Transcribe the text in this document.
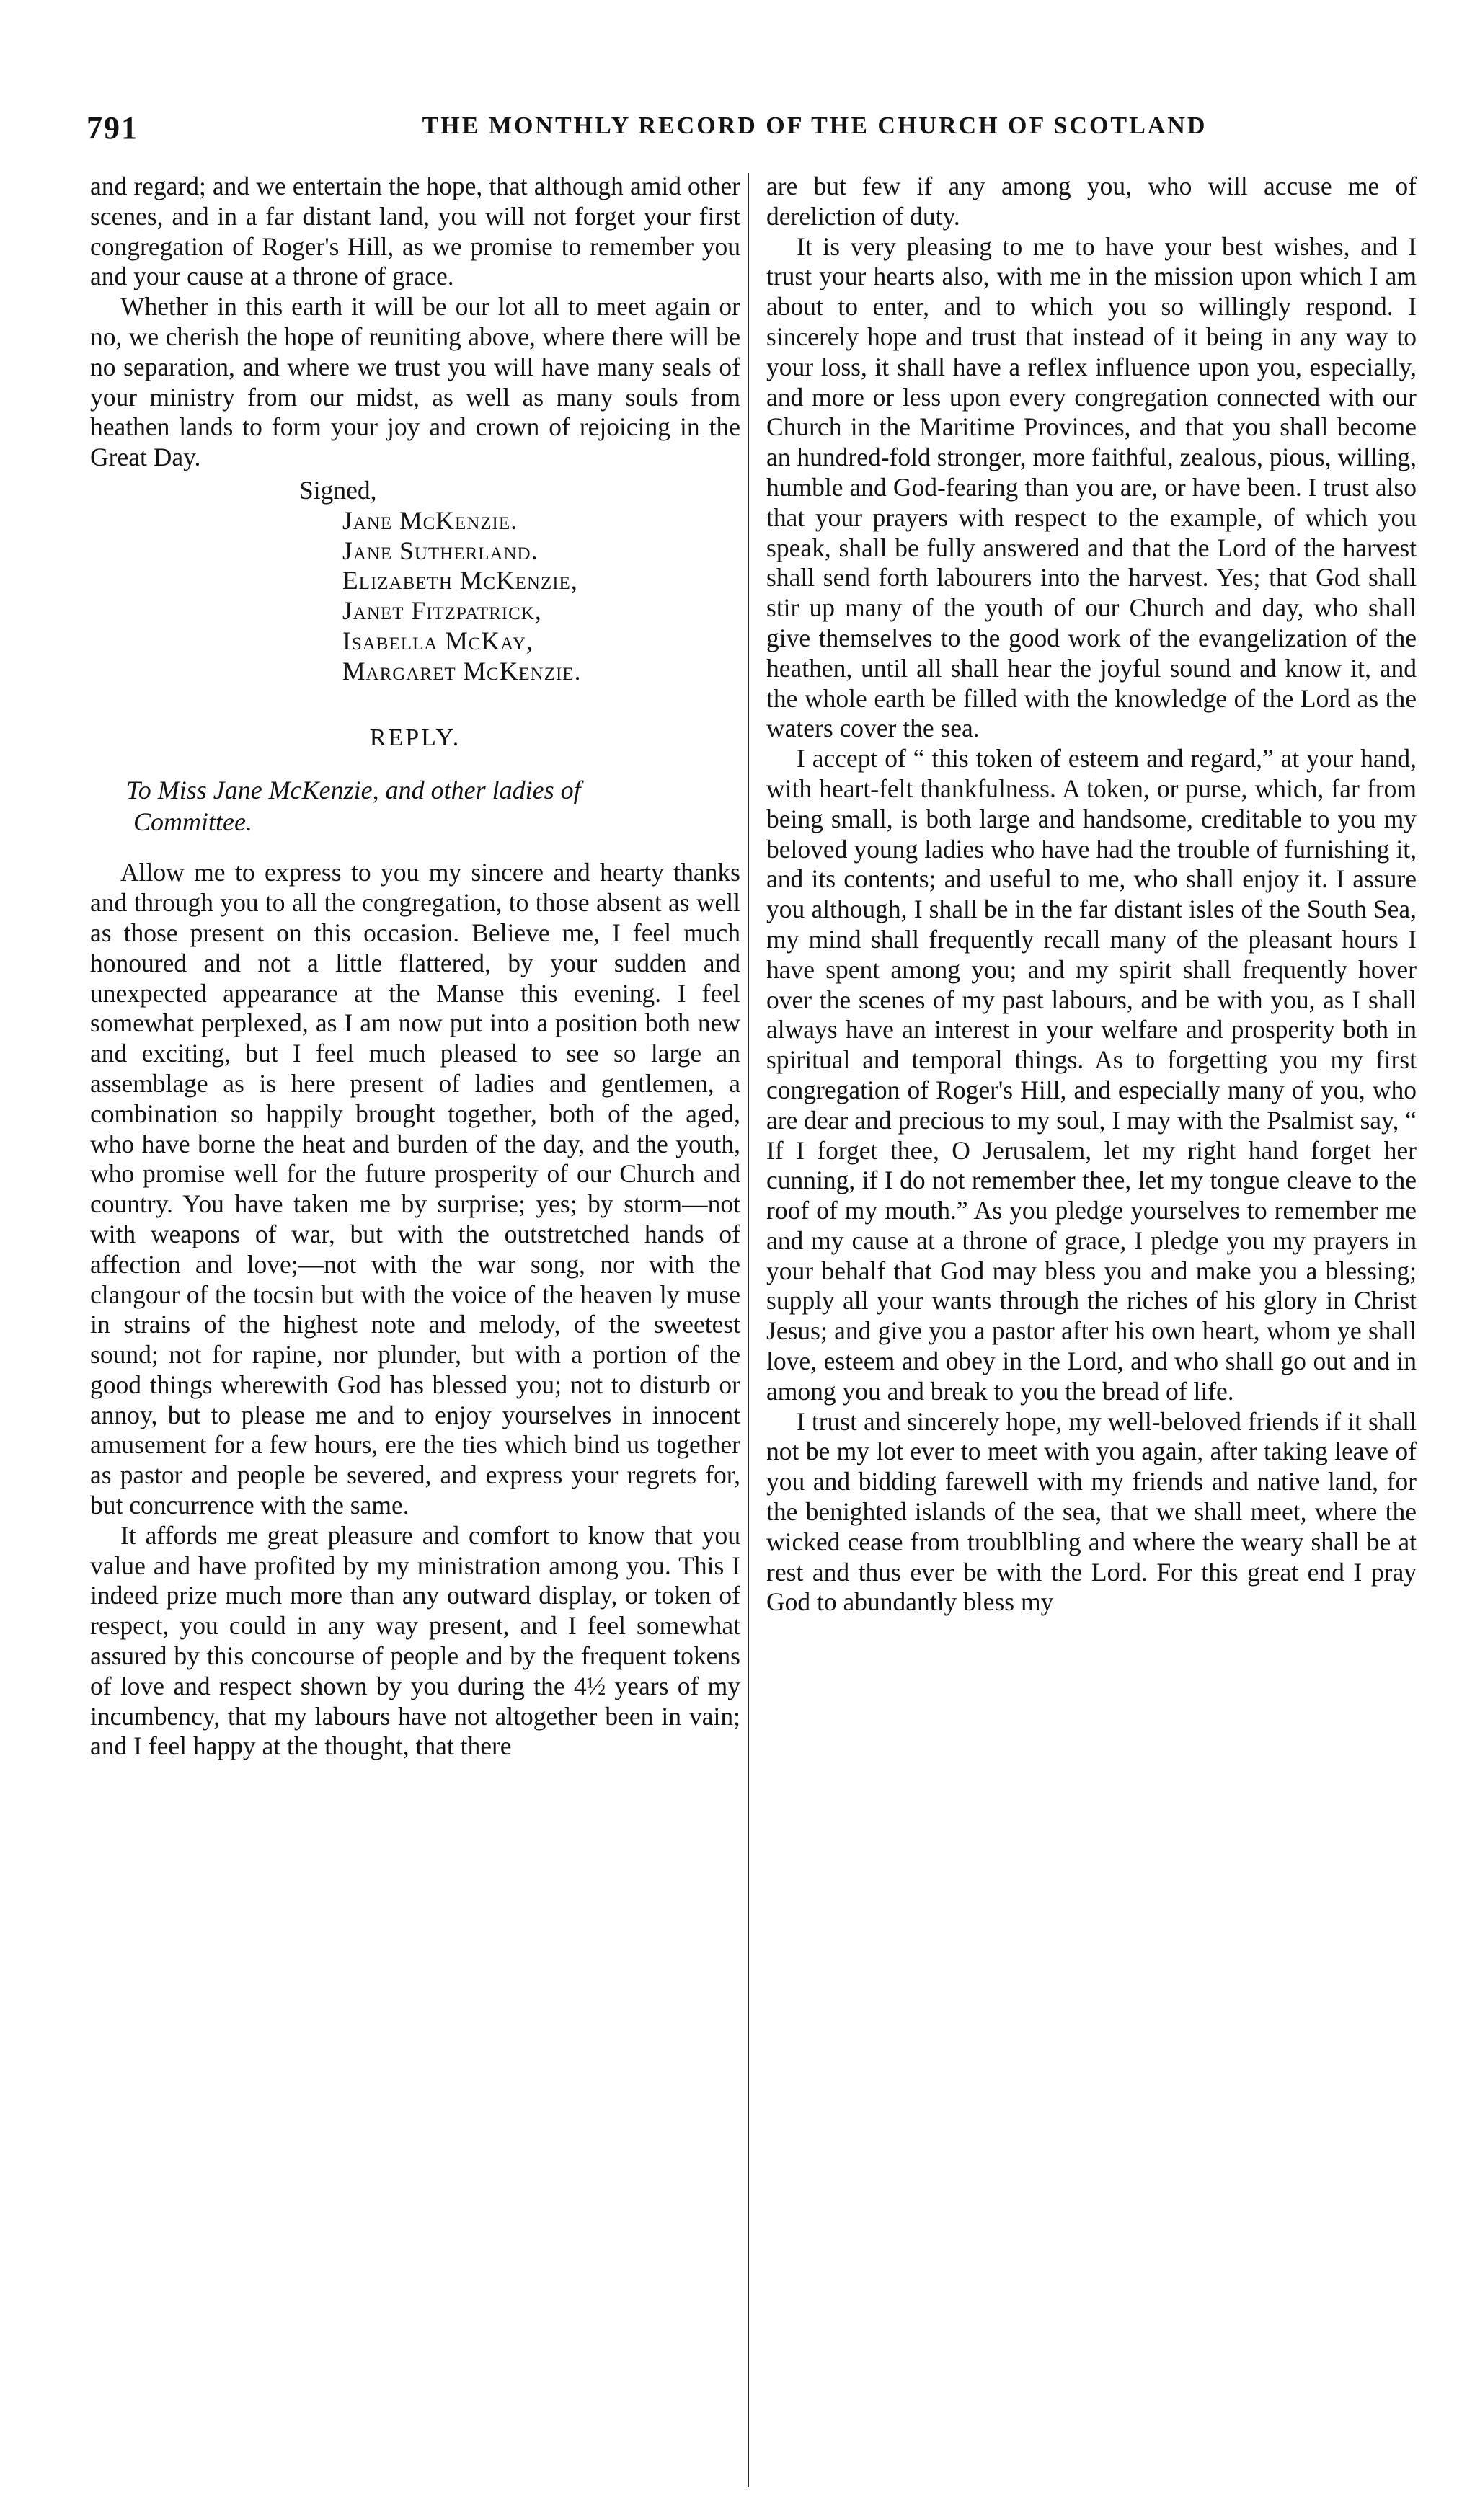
791	THE MONTHLY RECORD OF THE CHURCH OF SCOTLAND

and regard; and we entertain the hope, that although amid other scenes, and in a far distant land, you will not forget your first congregation of Roger's Hill, as we promise to remember you and your cause at a throne of grace.

Whether in this earth it will be our lot all to meet again or no, we cherish the hope of reuniting above, where there will be no separation, and where we trust you will have many seals of your ministry from our midst, as well as many souls from heathen lands to form your joy and crown of rejoicing in the Great Day.

Signed,
Jane McKenzie.
Jane Sutherland.
Elizabeth McKenzie,
Janet Fitzpatrick,
Isabella McKay,
Margaret McKenzie.
REPLY.
To Miss Jane McKenzie, and other ladies of
Committee.

Allow me to express to you my sincere and hearty thanks and through you to all the congregation, to those absent as well as those present on this occasion. Believe me, I feel much honoured and not a little flattered, by your sudden and unexpected appearance at the Manse this evening. I feel somewhat perplexed, as I am now put into a position both new and exciting, but I feel much pleased to see so large an assemblage as is here present of ladies and gentlemen, a combination so happily brought together, both of the aged, who have borne the heat and burden of the day, and the youth, who promise well for the future prosperity of our Church and country. You have taken me by surprise; yes; by storm—not with weapons of war, but with the outstretched hands of affection and love;—not with the war song, nor with the clangour of the tocsin but with the voice of the heaven ly muse in strains of the highest note and melody, of the sweetest sound; not for rapine, nor plunder, but with a portion of the good things wherewith God has blessed you; not to disturb or annoy, but to please me and to enjoy yourselves in innocent amusement for a few hours, ere the ties which bind us together as pastor and people be severed, and express your regrets for, but concurrence with the same.

It affords me great pleasure and comfort to know that you value and have profited by my ministration among you. This I indeed prize much more than any outward display, or token of respect, you could in any way present, and I feel somewhat assured by this concourse of people and by the frequent tokens of love and respect shown by you during the 4½ years of my incumbency, that my labours have not altogether been in vain; and I feel happy at the thought, that there

are but few if any among you, who will accuse me of dereliction of duty.

It is very pleasing to me to have your best wishes, and I trust your hearts also, with me in the mission upon which I am about to enter, and to which you so willingly respond. I sincerely hope and trust that instead of it being in any way to your loss, it shall have a reflex influence upon you, especially, and more or less upon every congregation connected with our Church in the Maritime Provinces, and that you shall become an hundred-fold stronger, more faithful, zealous, pious, willing, humble and God-fearing than you are, or have been. I trust also that your prayers with respect to the example, of which you speak, shall be fully answered and that the Lord of the harvest shall send forth labourers into the harvest. Yes; that God shall stir up many of the youth of our Church and day, who shall give themselves to the good work of the evangelization of the heathen, until all shall hear the joyful sound and know it, and the whole earth be filled with the knowledge of the Lord as the waters cover the sea.

I accept of “ this token of esteem and regard,” at your hand, with heart-felt thankfulness. A token, or purse, which, far from being small, is both large and handsome, creditable to you my beloved young ladies who have had the trouble of furnishing it, and its contents; and useful to me, who shall enjoy it. I assure you although, I shall be in the far distant isles of the South Sea, my mind shall frequently recall many of the pleasant hours I have spent among you; and my spirit shall frequently hover over the scenes of my past labours, and be with you, as I shall always have an interest in your welfare and prosperity both in spiritual and temporal things. As to forgetting you my first congregation of Roger's Hill, and especially many of you, who are dear and precious to my soul, I may with the Psalmist say, “ If I forget thee, O Jerusalem, let my right hand forget her cunning, if I do not remember thee, let my tongue cleave to the roof of my mouth.” As you pledge yourselves to remember me and my cause at a throne of grace, I pledge you my prayers in your behalf that God may bless you and make you a blessing; supply all your wants through the riches of his glory in Christ Jesus; and give you a pastor after his own heart, whom ye shall love, esteem and obey in the Lord, and who shall go out and in among you and break to you the bread of life.

I trust and sincerely hope, my well-beloved friends if it shall not be my lot ever to meet with you again, after taking leave of you and bidding farewell with my friends and native land, for the benighted islands of the sea, that we shall meet, where the wicked cease from troublbling and where the weary shall be at rest and thus ever be with the Lord. For this great end I pray God to abundantly bless my
